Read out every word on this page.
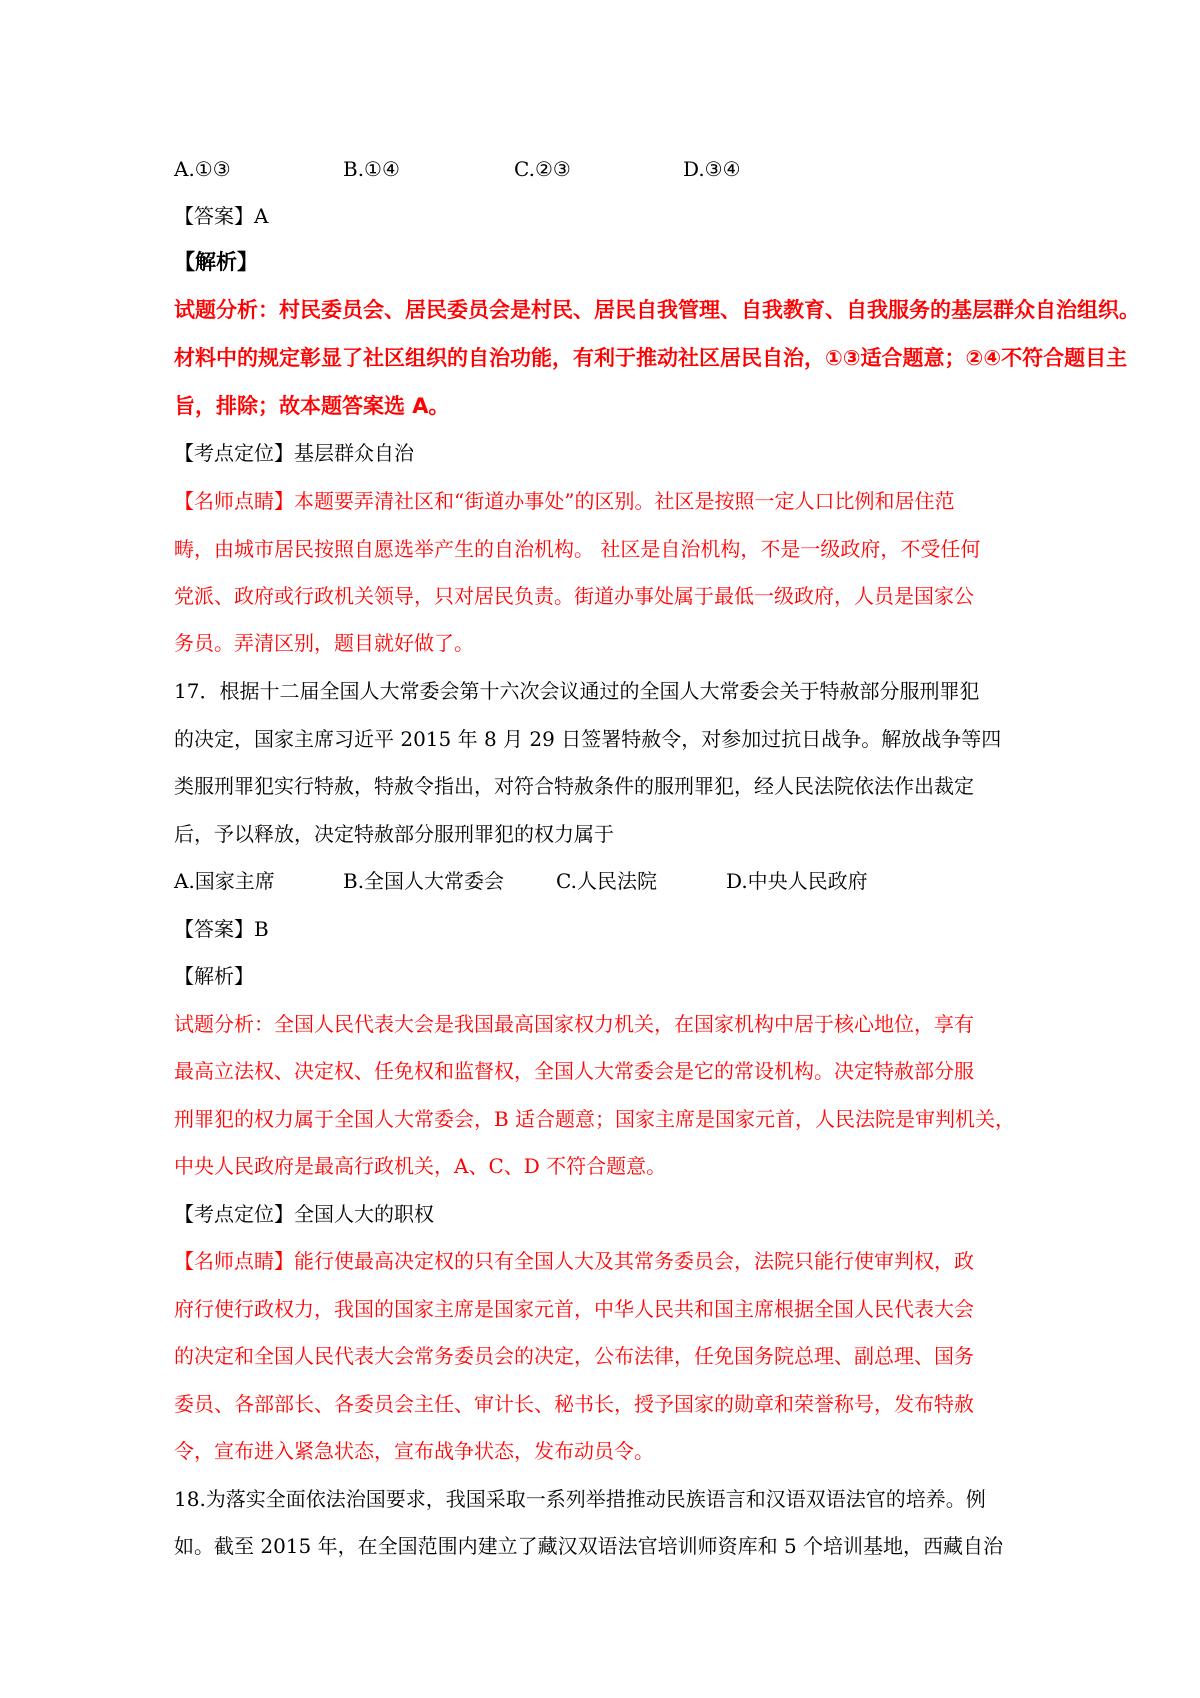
A.①③	B.①④	C.②③	D.③④
【答案】A
【解析】
试题分析：村民委员会、居民委员会是村民、居民自我管理、自我教育、自我服务的基层群众自治组织。
材料中的规定彰显了社区组织的自治功能，有利于推动社区居民自治，①③适合题意；②④不符合题目主
旨，排除；故本题答案选 A。
【考点定位】基层群众自治
【名师点睛】本题要弄清社区和“街道办事处”的区别。社区是按照一定人口比例和居住范
畴，由城市居民按照自愿选举产生的自治机构。 社区是自治机构，不是一级政府，不受任何
党派、政府或行政机关领导，只对居民负责。街道办事处属于最低一级政府，人员是国家公
务员。弄清区别，题目就好做了。
17．根据十二届全国人大常委会第十六次会议通过的全国人大常委会关于特赦部分服刑罪犯
的决定，国家主席习近平 2015 年 8 月 29 日签署特赦令，对参加过抗日战争。解放战争等四
类服刑罪犯实行特赦，特赦令指出，对符合特赦条件的服刑罪犯，经人民法院依法作出裁定
后，予以释放，决定特赦部分服刑罪犯的权力属于
A.国家主席	B.全国人大常委会	C.人民法院	D.中央人民政府
【答案】B
【解析】
试题分析：全国人民代表大会是我国最高国家权力机关，在国家机构中居于核心地位，享有
最高立法权、决定权、任免权和监督权，全国人大常委会是它的常设机构。决定特赦部分服
刑罪犯的权力属于全国人大常委会，B 适合题意；国家主席是国家元首，人民法院是审判机关，
中央人民政府是最高行政机关，A、C、D 不符合题意。
【考点定位】全国人大的职权
【名师点睛】能行使最高决定权的只有全国人大及其常务委员会，法院只能行使审判权，政
府行使行政权力，我国的国家主席是国家元首，中华人民共和国主席根据全国人民代表大会
的决定和全国人民代表大会常务委员会的决定，公布法律，任免国务院总理、副总理、国务
委员、各部部长、各委员会主任、审计长、秘书长，授予国家的勋章和荣誉称号，发布特赦
令，宣布进入紧急状态，宣布战争状态，发布动员令。
18.为落实全面依法治国要求，我国采取一系列举措推动民族语言和汉语双语法官的培养。例
如。截至 2015 年，在全国范围内建立了藏汉双语法官培训师资库和 5 个培训基地，西藏自治
